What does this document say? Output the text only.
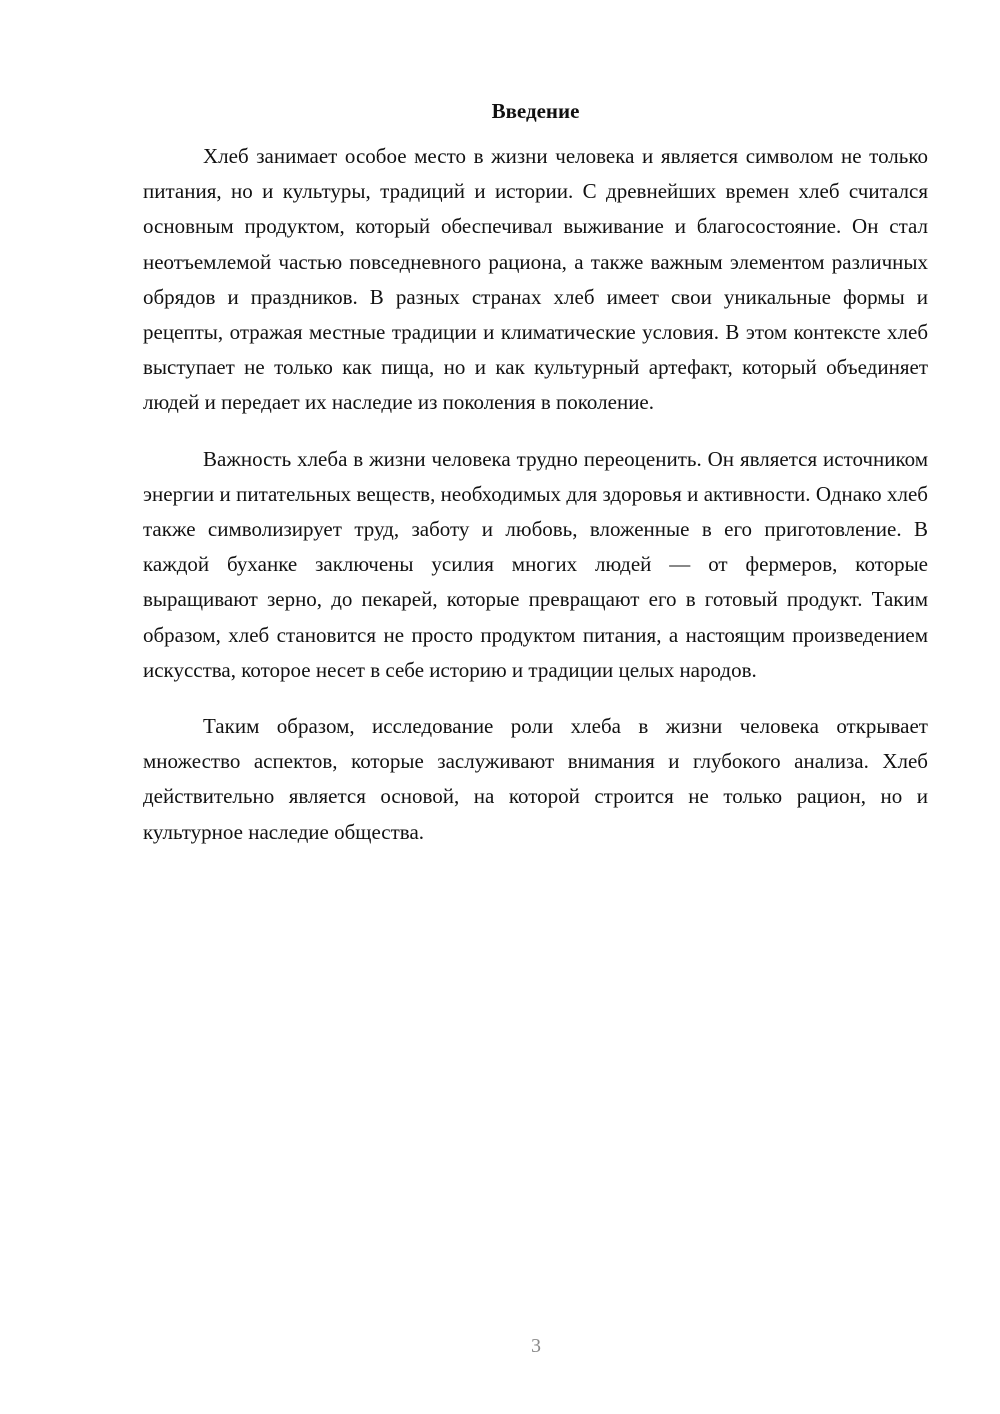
Введение

Хлеб занимает особое место в жизни человека и является символом не только питания, но и культуры, традиций и истории. С древнейших времен хлеб считался основным продуктом, который обеспечивал выживание и благосостояние. Он стал неотъемлемой частью повседневного рациона, а также важным элементом различных обрядов и праздников. В разных странах хлеб имеет свои уникальные формы и рецепты, отражая местные традиции и климатические условия. В этом контексте хлеб выступает не только как пища, но и как культурный артефакт, который объединяет людей и передает их наследие из поколения в поколение.

Важность хлеба в жизни человека трудно переоценить. Он является источником энергии и питательных веществ, необходимых для здоровья и активности. Однако хлеб также символизирует труд, заботу и любовь, вложенные в его приготовление. В каждой буханке заключены усилия многих людей — от фермеров, которые выращивают зерно, до пекарей, которые превращают его в готовый продукт. Таким образом, хлеб становится не просто продуктом питания, а настоящим произведением искусства, которое несет в себе историю и традиции целых народов.

Таким образом, исследование роли хлеба в жизни человека открывает множество аспектов, которые заслуживают внимания и глубокого анализа. Хлеб действительно является основой, на которой строится не только рацион, но и культурное наследие общества.

3
